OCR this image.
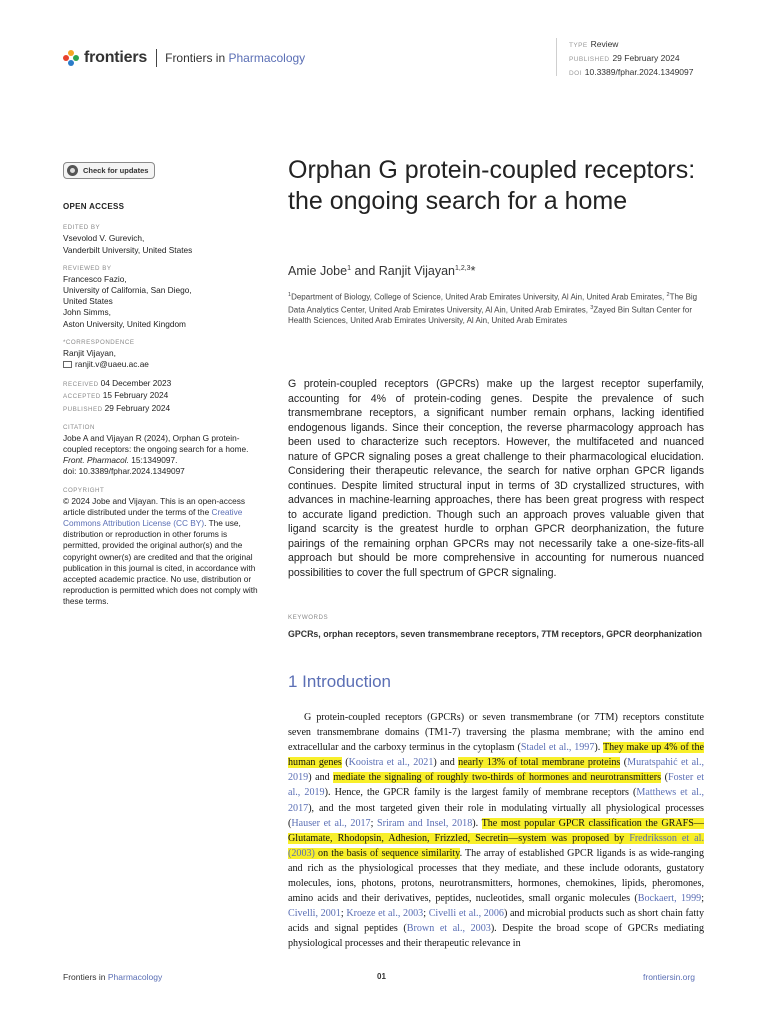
frontiers Frontiers in Pharmacology
TYPE Review
PUBLISHED 29 February 2024
DOI 10.3389/fphar.2024.1349097
Check for updates
OPEN ACCESS
EDITED BY
Vsevolod V. Gurevich,
Vanderbilt University, United States
REVIEWED BY
Francesco Fazio,
University of California, San Diego,
United States
John Simms,
Aston University, United Kingdom
*CORRESPONDENCE
Ranjit Vijayan,
ranjit.v@uaeu.ac.ae
RECEIVED 04 December 2023
ACCEPTED 15 February 2024
PUBLISHED 29 February 2024
CITATION
Jobe A and Vijayan R (2024), Orphan G protein-coupled receptors: the ongoing search for a home.
Front. Pharmacol. 15:1349097.
doi: 10.3389/fphar.2024.1349097
COPYRIGHT
© 2024 Jobe and Vijayan. This is an open-access article distributed under the terms of the Creative Commons Attribution License (CC BY). The use, distribution or reproduction in other forums is permitted, provided the original author(s) and the copyright owner(s) are credited and that the original publication in this journal is cited, in accordance with accepted academic practice. No use, distribution or reproduction is permitted which does not comply with these terms.
Orphan G protein-coupled receptors: the ongoing search for a home
Amie Jobe$^1$ and Ranjit Vijayan$^{1,2,3}$*
$^1$Department of Biology, College of Science, United Arab Emirates University, Al Ain, United Arab Emirates, $^2$The Big Data Analytics Center, United Arab Emirates University, Al Ain, United Arab Emirates, $^3$Zayed Bin Sultan Center for Health Sciences, United Arab Emirates University, Al Ain, United Arab Emirates

G protein-coupled receptors (GPCRs) make up the largest receptor superfamily, accounting for 4% of protein-coding genes. Despite the prevalence of such transmembrane receptors, a significant number remain orphans, lacking identified endogenous ligands. Since their conception, the reverse pharmacology approach has been used to characterize such receptors. However, the multifaceted and nuanced nature of GPCR signaling poses a great challenge to their pharmacological elucidation. Considering their therapeutic relevance, the search for native orphan GPCR ligands continues. Despite limited structural input in terms of 3D crystallized structures, with advances in machine-learning approaches, there has been great progress with respect to accurate ligand prediction. Though such an approach proves valuable given that ligand scarcity is the greatest hurdle to orphan GPCR deorphanization, the future pairings of the remaining orphan GPCRs may not necessarily take a one-size-fits-all approach but should be more comprehensive in accounting for numerous nuanced possibilities to cover the full spectrum of GPCR signaling.

KEYWORDS
GPCRs, orphan receptors, seven transmembrane receptors, 7TM receptors, GPCR deorphanization
1 Introduction

G protein-coupled receptors (GPCRs) or seven transmembrane (or 7TM) receptors constitute seven transmembrane domains (TM1-7) traversing the plasma membrane; with the amino end extracellular and the carboxy terminus in the cytoplasm (Stadel et al., 1997). They make up 4% of the human genes (Kooistra et al., 2021) and nearly 13% of total membrane proteins (Muratspahić et al., 2019) and mediate the signaling of roughly two-thirds of hormones and neurotransmitters (Foster et al., 2019). Hence, the GPCR family is the largest family of membrane receptors (Matthews et al., 2017), and the most targeted given their role in modulating virtually all physiological processes (Hauser et al., 2017; Sriram and Insel, 2018). The most popular GPCR classification the GRAFS—Glutamate, Rhodopsin, Adhesion, Frizzled, Secretin—system was proposed by Fredriksson et al. (2003) on the basis of sequence similarity. The array of established GPCR ligands is as wide-ranging and rich as the physiological processes that they mediate, and these include odorants, gustatory molecules, ions, photons, protons, neurotransmitters, hormones, chemokines, lipids, pheromones, amino acids and their derivatives, peptides, nucleotides, small organic molecules (Bockaert, 1999; Civelli, 2001; Kroeze et al., 2003; Civelli et al., 2006) and microbial products such as short chain fatty acids and signal peptides (Brown et al., 2003). Despite the broad scope of GPCRs mediating physiological processes and their therapeutic relevance in

Frontiers in Pharmacology	01	frontiersin.org
